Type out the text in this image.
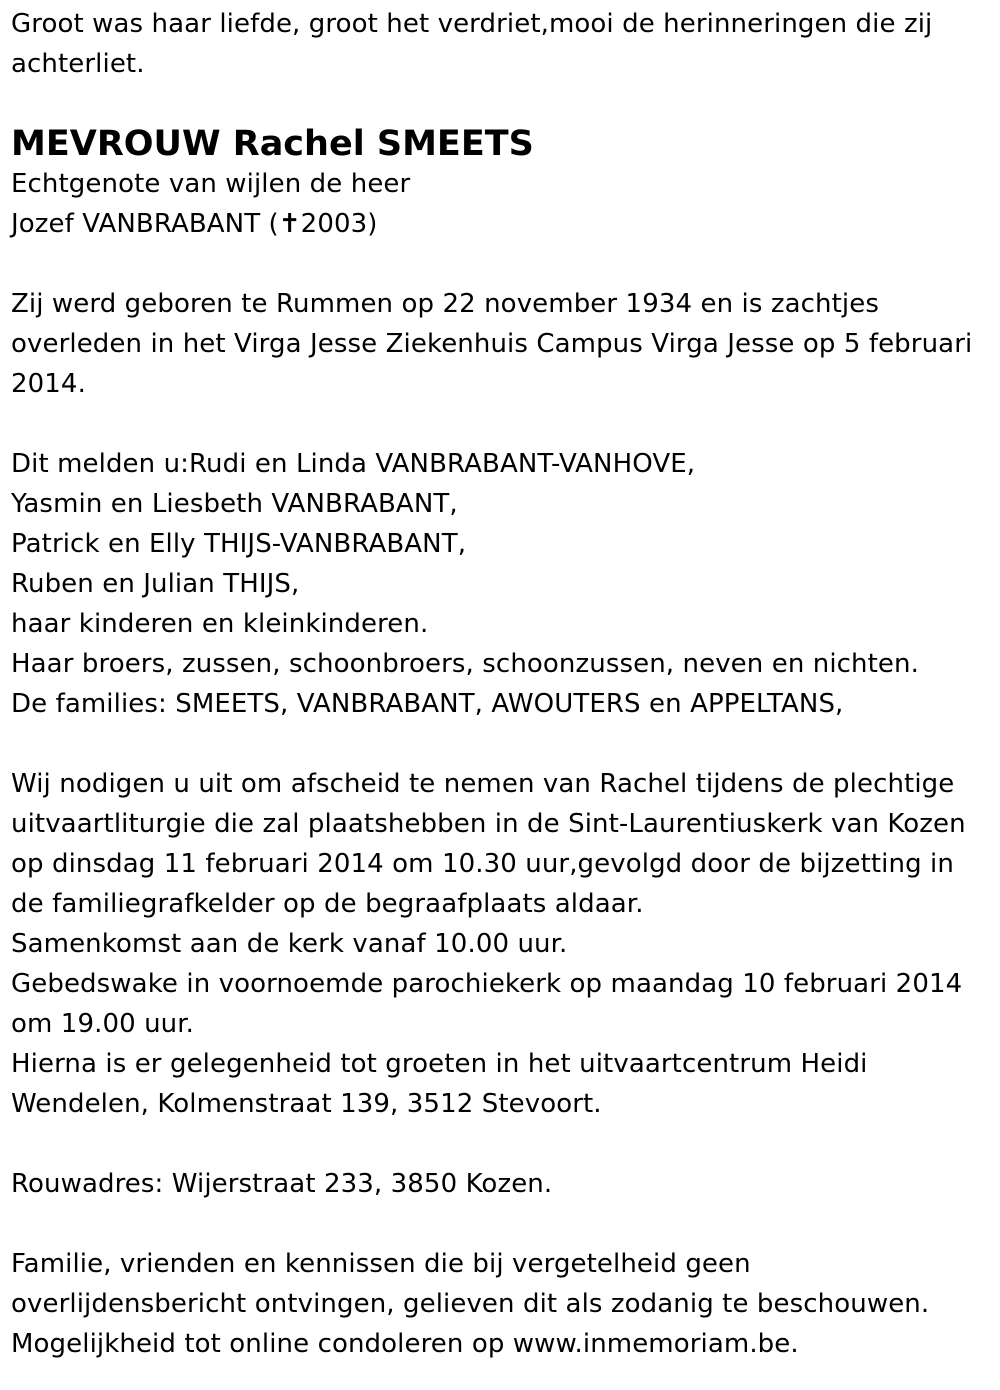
Groot was haar liefde, groot het verdriet,mooi de herinneringen die zij
achterliet.
MEVROUW Rachel SMEETS
Echtgenote van wijlen de heer
Jozef VANBRABANT (✝2003)
Zij werd geboren te Rummen op 22 november 1934 en is zachtjes
overleden in het Virga Jesse Ziekenhuis Campus Virga Jesse op 5 februari
2014.
Dit melden u:Rudi en Linda VANBRABANT-VANHOVE,
Yasmin en Liesbeth VANBRABANT,
Patrick en Elly THIJS-VANBRABANT,
Ruben en Julian THIJS,
haar kinderen en kleinkinderen.
Haar broers, zussen, schoonbroers, schoonzussen, neven en nichten.
De families: SMEETS, VANBRABANT, AWOUTERS en APPELTANS,
Wij nodigen u uit om afscheid te nemen van Rachel tijdens de plechtige
uitvaartliturgie die zal plaatshebben in de Sint-Laurentiuskerk van Kozen
op dinsdag 11 februari 2014 om 10.30 uur,gevolgd door de bijzetting in
de familiegrafkelder op de begraafplaats aldaar.
Samenkomst aan de kerk vanaf 10.00 uur.
Gebedswake in voornoemde parochiekerk op maandag 10 februari 2014
om 19.00 uur.
Hierna is er gelegenheid tot groeten in het uitvaartcentrum Heidi
Wendelen, Kolmenstraat 139, 3512 Stevoort.
Rouwadres: Wijerstraat 233, 3850 Kozen.
Familie, vrienden en kennissen die bij vergetelheid geen
overlijdensbericht ontvingen, gelieven dit als zodanig te beschouwen.
Mogelijkheid tot online condoleren op www.inmemoriam.be.
